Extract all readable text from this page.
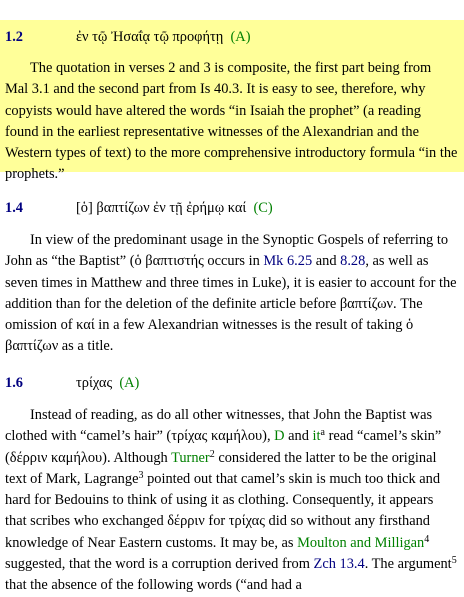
1.2	ἐν τῷ Ἠσαΐᾳ τῷ προφήτῃ (A)

The quotation in verses 2 and 3 is composite, the first part being from Mal 3.1 and the second part from Is 40.3. It is easy to see, therefore, why copyists would have altered the words “in Isaiah the prophet” (a reading found in the earliest representative witnesses of the Alexandrian and the Western types of text) to the more comprehensive introductory formula “in the prophets.”

1.4	[ὁ] βαπτίζων ἐν τῇ ἐρήμῳ καί (C)

In view of the predominant usage in the Synoptic Gospels of referring to John as “the Baptist” (ὁ βαπτιστής occurs in Mk 6.25 and 8.28, as well as seven times in Matthew and three times in Luke), it is easier to account for the addition than for the deletion of the definite article before βαπτίζων. The omission of καί in a few Alexandrian witnesses is the result of taking ὁ βαπτίζων as a title.

1.6	τρίχας (A)

Instead of reading, as do all other witnesses, that John the Baptist was clothed with “camel’s hair” (τρίχας καμήλου), D and $it^a$ read “camel’s skin” (δέρριν καμήλου). Although Turner$^2$ considered the latter to be the original text of Mark, Lagrange$^3$ pointed out that camel’s skin is much too thick and hard for Bedouins to think of using it as clothing. Consequently, it appears that scribes who exchanged δέρριν for τρίχας did so without any firsthand knowledge of Near Eastern customs. It may be, as Moulton and Milligan$^4$ suggested, that the word is a corruption derived from Zch 13.4. The argument$^5$ that the absence of the following words (“and had a
